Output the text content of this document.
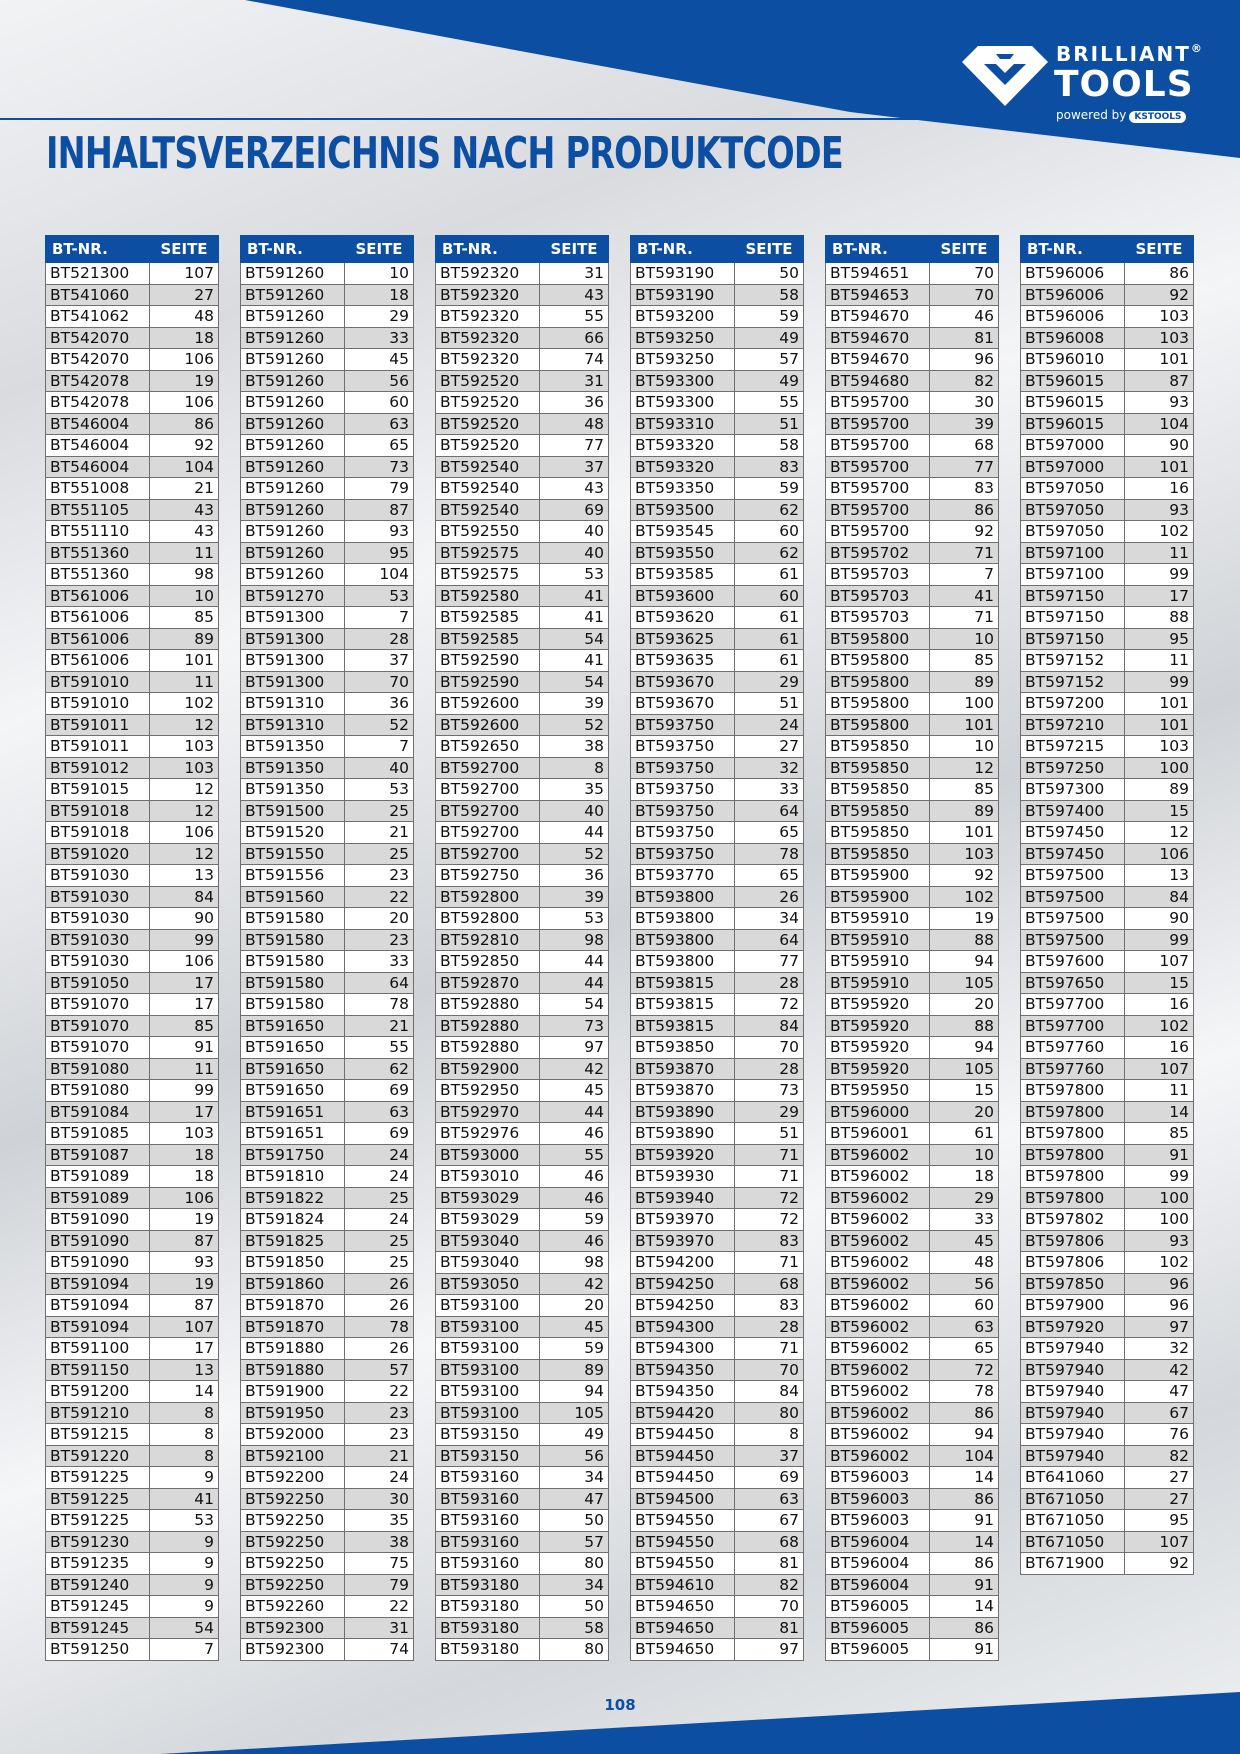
BRILLIANT®
TOOLS
powered by KSTOOLS
INHALTSVERZEICHNIS NACH PRODUKTCODE
BT-NR.	SEITE
BT521300	107
BT541060	27
BT541062	48
BT542070	18
BT542070	106
BT542078	19
BT542078	106
BT546004	86
BT546004	92
BT546004	104
BT551008	21
BT551105	43
BT551110	43
BT551360	11
BT551360	98
BT561006	10
BT561006	85
BT561006	89
BT561006	101
BT591010	11
BT591010	102
BT591011	12
BT591011	103
BT591012	103
BT591015	12
BT591018	12
BT591018	106
BT591020	12
BT591030	13
BT591030	84
BT591030	90
BT591030	99
BT591030	106
BT591050	17
BT591070	17
BT591070	85
BT591070	91
BT591080	11
BT591080	99
BT591084	17
BT591085	103
BT591087	18
BT591089	18
BT591089	106
BT591090	19
BT591090	87
BT591090	93
BT591094	19
BT591094	87
BT591094	107
BT591100	17
BT591150	13
BT591200	14
BT591210	8
BT591215	8
BT591220	8
BT591225	9
BT591225	41
BT591225	53
BT591230	9
BT591235	9
BT591240	9
BT591245	9
BT591245	54
BT591250	7
BT-NR.	SEITE
BT591260	10
BT591260	18
BT591260	29
BT591260	33
BT591260	45
BT591260	56
BT591260	60
BT591260	63
BT591260	65
BT591260	73
BT591260	79
BT591260	87
BT591260	93
BT591260	95
BT591260	104
BT591270	53
BT591300	7
BT591300	28
BT591300	37
BT591300	70
BT591310	36
BT591310	52
BT591350	7
BT591350	40
BT591350	53
BT591500	25
BT591520	21
BT591550	25
BT591556	23
BT591560	22
BT591580	20
BT591580	23
BT591580	33
BT591580	64
BT591580	78
BT591650	21
BT591650	55
BT591650	62
BT591650	69
BT591651	63
BT591651	69
BT591750	24
BT591810	24
BT591822	25
BT591824	24
BT591825	25
BT591850	25
BT591860	26
BT591870	26
BT591870	78
BT591880	26
BT591880	57
BT591900	22
BT591950	23
BT592000	23
BT592100	21
BT592200	24
BT592250	30
BT592250	35
BT592250	38
BT592250	75
BT592250	79
BT592260	22
BT592300	31
BT592300	74
BT-NR.	SEITE
BT592320	31
BT592320	43
BT592320	55
BT592320	66
BT592320	74
BT592520	31
BT592520	36
BT592520	48
BT592520	77
BT592540	37
BT592540	43
BT592540	69
BT592550	40
BT592575	40
BT592575	53
BT592580	41
BT592585	41
BT592585	54
BT592590	41
BT592590	54
BT592600	39
BT592600	52
BT592650	38
BT592700	8
BT592700	35
BT592700	40
BT592700	44
BT592700	52
BT592750	36
BT592800	39
BT592800	53
BT592810	98
BT592850	44
BT592870	44
BT592880	54
BT592880	73
BT592880	97
BT592900	42
BT592950	45
BT592970	44
BT592976	46
BT593000	55
BT593010	46
BT593029	46
BT593029	59
BT593040	46
BT593040	98
BT593050	42
BT593100	20
BT593100	45
BT593100	59
BT593100	89
BT593100	94
BT593100	105
BT593150	49
BT593150	56
BT593160	34
BT593160	47
BT593160	50
BT593160	57
BT593160	80
BT593180	34
BT593180	50
BT593180	58
BT593180	80
BT-NR.	SEITE
BT593190	50
BT593190	58
BT593200	59
BT593250	49
BT593250	57
BT593300	49
BT593300	55
BT593310	51
BT593320	58
BT593320	83
BT593350	59
BT593500	62
BT593545	60
BT593550	62
BT593585	61
BT593600	60
BT593620	61
BT593625	61
BT593635	61
BT593670	29
BT593670	51
BT593750	24
BT593750	27
BT593750	32
BT593750	33
BT593750	64
BT593750	65
BT593750	78
BT593770	65
BT593800	26
BT593800	34
BT593800	64
BT593800	77
BT593815	28
BT593815	72
BT593815	84
BT593850	70
BT593870	28
BT593870	73
BT593890	29
BT593890	51
BT593920	71
BT593930	71
BT593940	72
BT593970	72
BT593970	83
BT594200	71
BT594250	68
BT594250	83
BT594300	28
BT594300	71
BT594350	70
BT594350	84
BT594420	80
BT594450	8
BT594450	37
BT594450	69
BT594500	63
BT594550	67
BT594550	68
BT594550	81
BT594610	82
BT594650	70
BT594650	81
BT594650	97
BT-NR.	SEITE
BT594651	70
BT594653	70
BT594670	46
BT594670	81
BT594670	96
BT594680	82
BT595700	30
BT595700	39
BT595700	68
BT595700	77
BT595700	83
BT595700	86
BT595700	92
BT595702	71
BT595703	7
BT595703	41
BT595703	71
BT595800	10
BT595800	85
BT595800	89
BT595800	100
BT595800	101
BT595850	10
BT595850	12
BT595850	85
BT595850	89
BT595850	101
BT595850	103
BT595900	92
BT595900	102
BT595910	19
BT595910	88
BT595910	94
BT595910	105
BT595920	20
BT595920	88
BT595920	94
BT595920	105
BT595950	15
BT596000	20
BT596001	61
BT596002	10
BT596002	18
BT596002	29
BT596002	33
BT596002	45
BT596002	48
BT596002	56
BT596002	60
BT596002	63
BT596002	65
BT596002	72
BT596002	78
BT596002	86
BT596002	94
BT596002	104
BT596003	14
BT596003	86
BT596003	91
BT596004	14
BT596004	86
BT596004	91
BT596005	14
BT596005	86
BT596005	91
BT-NR.	SEITE
BT596006	86
BT596006	92
BT596006	103
BT596008	103
BT596010	101
BT596015	87
BT596015	93
BT596015	104
BT597000	90
BT597000	101
BT597050	16
BT597050	93
BT597050	102
BT597100	11
BT597100	99
BT597150	17
BT597150	88
BT597150	95
BT597152	11
BT597152	99
BT597200	101
BT597210	101
BT597215	103
BT597250	100
BT597300	89
BT597400	15
BT597450	12
BT597450	106
BT597500	13
BT597500	84
BT597500	90
BT597500	99
BT597600	107
BT597650	15
BT597700	16
BT597700	102
BT597760	16
BT597760	107
BT597800	11
BT597800	14
BT597800	85
BT597800	91
BT597800	99
BT597800	100
BT597802	100
BT597806	93
BT597806	102
BT597850	96
BT597900	96
BT597920	97
BT597940	32
BT597940	42
BT597940	47
BT597940	67
BT597940	76
BT597940	82
BT641060	27
BT671050	27
BT671050	95
BT671050	107
BT671900	92
108
